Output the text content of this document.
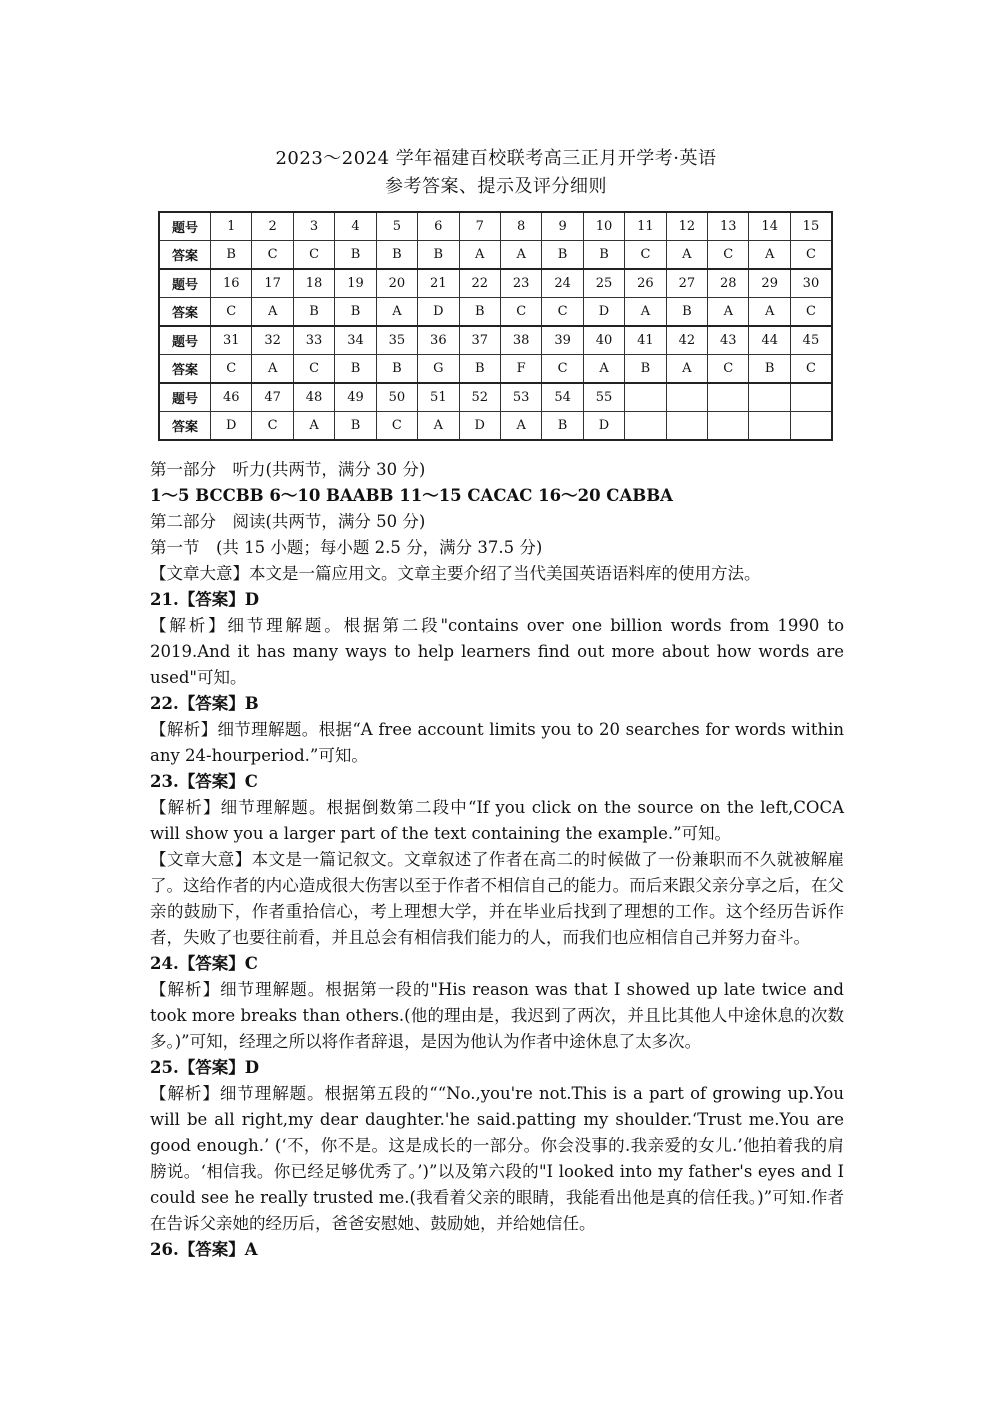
2023～2024 学年福建百校联考高三正月开学考·英语
参考答案、提示及评分细则
题号	1	2	3	4	5	6	7	8	9	10	11	12	13	14	15
答案	B	C	C	B	B	B	A	A	B	B	C	A	C	A	C
题号	16	17	18	19	20	21	22	23	24	25	26	27	28	29	30
答案	C	A	B	B	A	D	B	C	C	D	A	B	A	A	C
题号	31	32	33	34	35	36	37	38	39	40	41	42	43	44	45
答案	C	A	C	B	B	G	B	F	C	A	B	A	C	B	C
题号	46	47	48	49	50	51	52	53	54	55					
答案	D	C	A	B	C	A	D	A	B	D					

第一部分　听力(共两节，满分 30 分)

1～5 BCCBB 6～10 BAABB 11～15 CACAC 16～20 CABBA

第二部分　阅读(共两节，满分 50 分)

第一节　(共 15 小题；每小题 2.5 分，满分 37.5 分)

【文章大意】本文是一篇应用文。文章主要介绍了当代美国英语语料库的使用方法。

21.【答案】D

【解析】细节理解题。根据第二段"contains over one billion words from 1990 to 2019.And it has many ways to help learners find out more about how words are used"可知。

22.【答案】B

【解析】细节理解题。根据“A free account limits you to 20 searches for words within any 24-hourperiod.”可知。

23.【答案】C

【解析】细节理解题。根据倒数第二段中“If you click on the source on the left,COCA will show you a larger part of the text containing the example.”可知。

【文章大意】本文是一篇记叙文。文章叙述了作者在高二的时候做了一份兼职而不久就被解雇了。这给作者的内心造成很大伤害以至于作者不相信自己的能力。而后来跟父亲分享之后，在父亲的鼓励下，作者重拾信心，考上理想大学，并在毕业后找到了理想的工作。这个经历告诉作者，失败了也要往前看，并且总会有相信我们能力的人，而我们也应相信自己并努力奋斗。

24.【答案】C

【解析】细节理解题。根据第一段的"His reason was that I showed up late twice and took more breaks than others.(他的理由是，我迟到了两次，并且比其他人中途休息的次数多。)”可知，经理之所以将作者辞退，是因为他认为作者中途休息了太多次。

25.【答案】D

【解析】细节理解题。根据第五段的““No.,you're not.This is a part of growing up.You will be all right,my dear daughter.'he said.patting my shoulder.‘Trust me.You are good enough.’ (‘不，你不是。这是成长的一部分。你会没事的.我亲爱的女儿.’他拍着我的肩膀说。‘相信我。你已经足够优秀了。’)”以及第六段的"I looked into my father's eyes and I could see he really trusted me.(我看着父亲的眼睛，我能看出他是真的信任我。)”可知.作者在告诉父亲她的经历后，爸爸安慰她、鼓励她，并给她信任。

26.【答案】A
